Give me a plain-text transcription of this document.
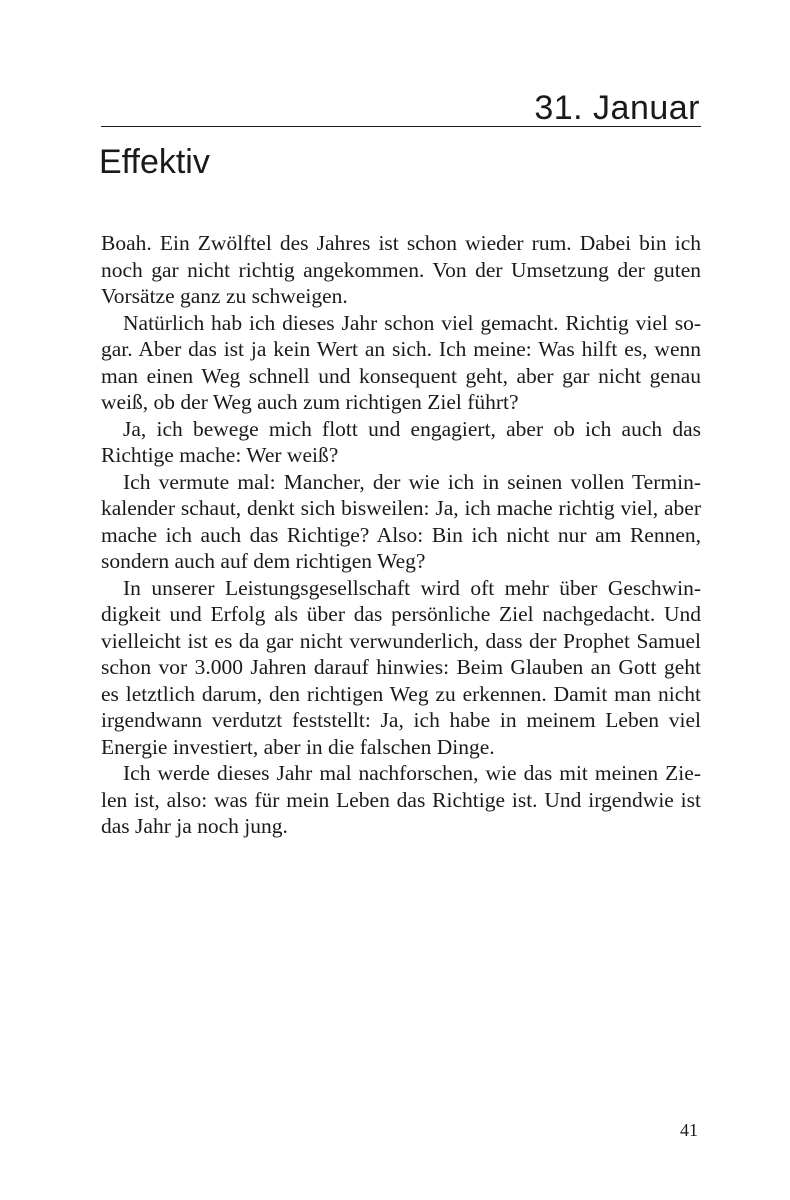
31. Januar
Effektiv

Boah. Ein Zwölftel des Jahres ist schon wieder rum. Dabei bin ich noch gar nicht richtig angekommen. Von der Umsetzung der guten Vorsätze ganz zu schweigen.

Natürlich hab ich dieses Jahr schon viel gemacht. Richtig viel sogar. Aber das ist ja kein Wert an sich. Ich meine: Was hilft es, wenn man einen Weg schnell und konsequent geht, aber gar nicht genau weiß, ob der Weg auch zum richtigen Ziel führt?

Ja, ich bewege mich flott und engagiert, aber ob ich auch das Richtige mache: Wer weiß?

Ich vermute mal: Mancher, der wie ich in seinen vollen Terminkalender schaut, denkt sich bisweilen: Ja, ich mache richtig viel, aber mache ich auch das Richtige? Also: Bin ich nicht nur am Rennen, sondern auch auf dem richtigen Weg?

In unserer Leistungsgesellschaft wird oft mehr über Geschwindigkeit und Erfolg als über das persönliche Ziel nachgedacht. Und vielleicht ist es da gar nicht verwunderlich, dass der Prophet Samuel schon vor 3.000 Jahren darauf hinwies: Beim Glauben an Gott geht es letztlich darum, den richtigen Weg zu erkennen. Damit man nicht irgendwann verdutzt feststellt: Ja, ich habe in meinem Leben viel Energie investiert, aber in die falschen Dinge.

Ich werde dieses Jahr mal nachforschen, wie das mit meinen Zielen ist, also: was für mein Leben das Richtige ist. Und irgendwie ist das Jahr ja noch jung.

41
